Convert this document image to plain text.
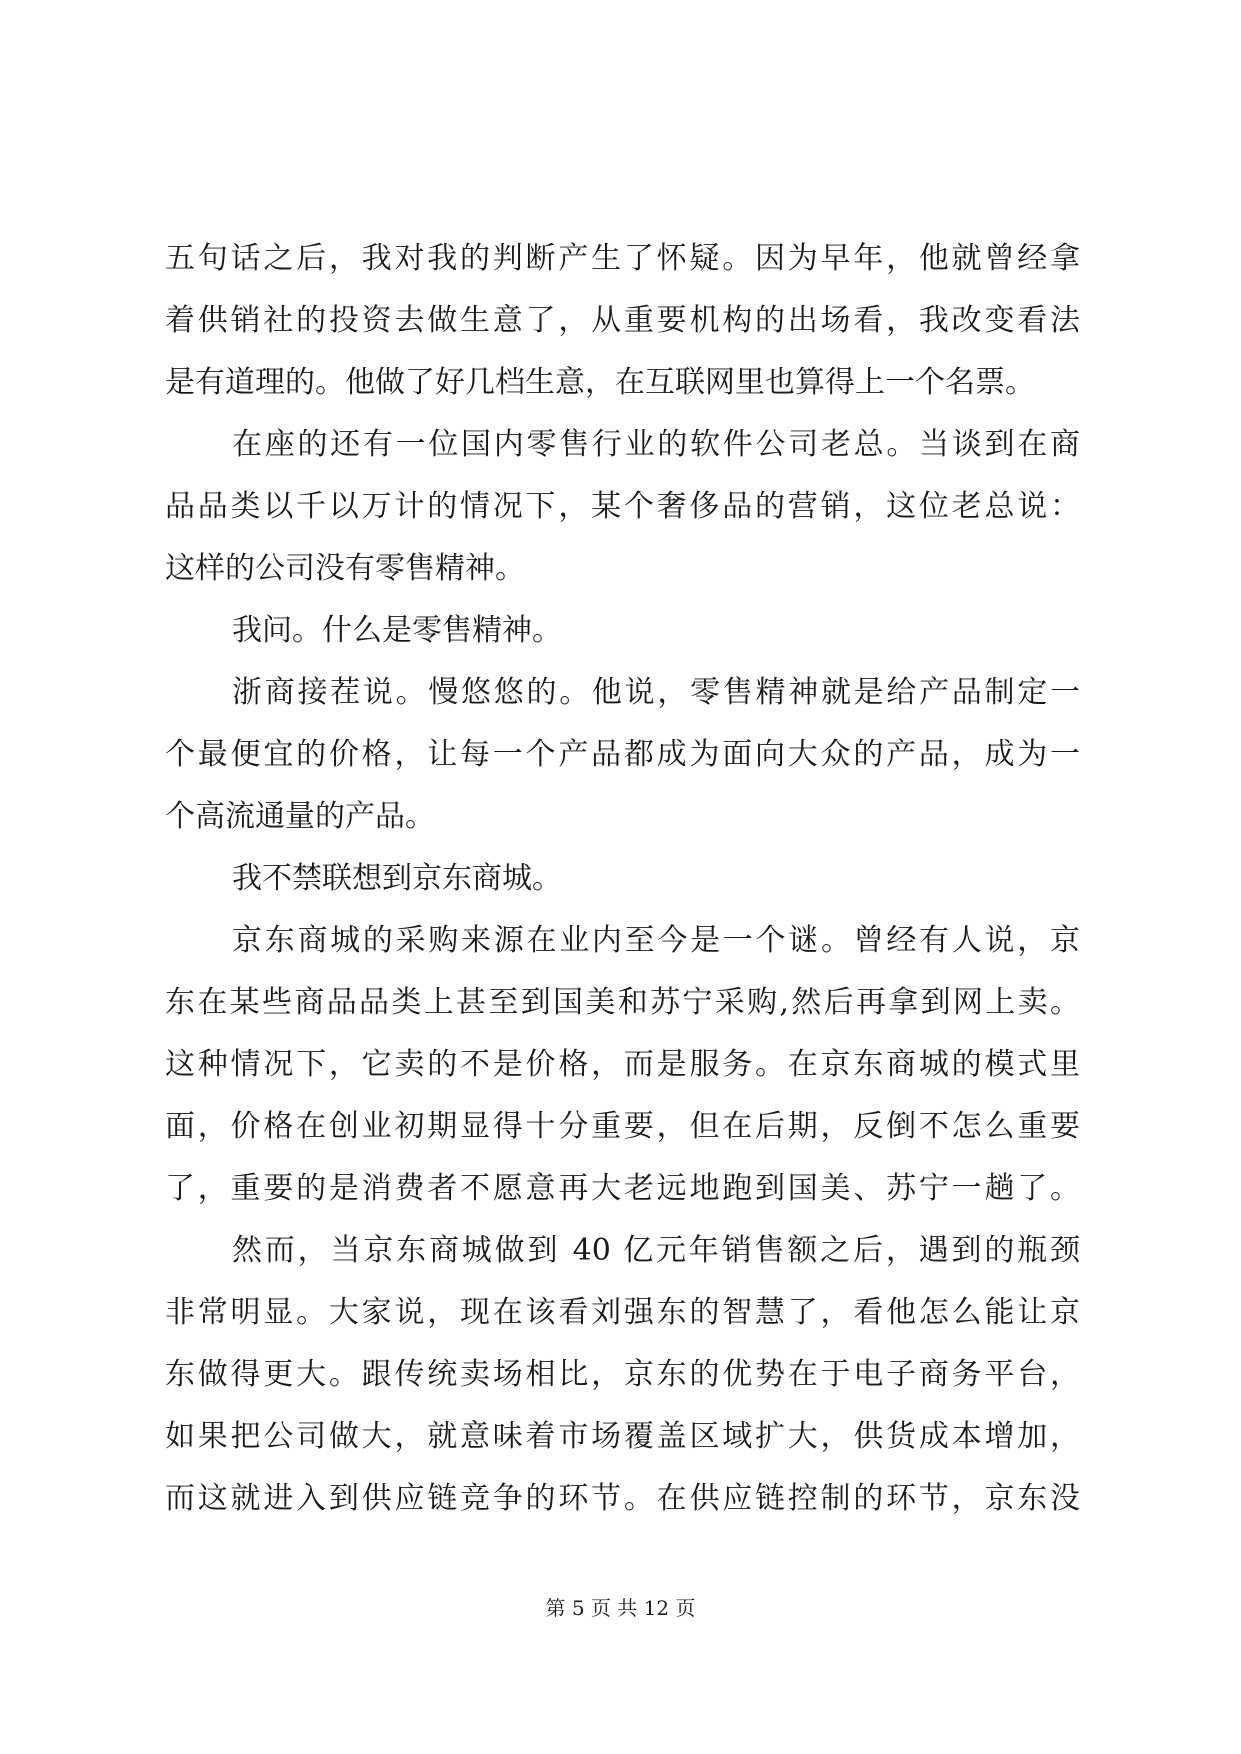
五句话之后，我对我的判断产生了怀疑。因为早年，他就曾经拿
着供销社的投资去做生意了，从重要机构的出场看，我改变看法
是有道理的。他做了好几档生意，在互联网里也算得上一个名票。
在座的还有一位国内零售行业的软件公司老总。当谈到在商
品品类以千以万计的情况下，某个奢侈品的营销，这位老总说：
这样的公司没有零售精神。
我问。什么是零售精神。
浙商接茬说。慢悠悠的。他说，零售精神就是给产品制定一
个最便宜的价格，让每一个产品都成为面向大众的产品，成为一
个高流通量的产品。
我不禁联想到京东商城。
京东商城的采购来源在业内至今是一个谜。曾经有人说，京
东在某些商品品类上甚至到国美和苏宁采购,然后再拿到网上卖。
这种情况下，它卖的不是价格，而是服务。在京东商城的模式里
面，价格在创业初期显得十分重要，但在后期，反倒不怎么重要
了，重要的是消费者不愿意再大老远地跑到国美、苏宁一趟了。
然而，当京东商城做到 40 亿元年销售额之后，遇到的瓶颈
非常明显。大家说，现在该看刘强东的智慧了，看他怎么能让京
东做得更大。跟传统卖场相比，京东的优势在于电子商务平台，
如果把公司做大，就意味着市场覆盖区域扩大，供货成本增加，
而这就进入到供应链竞争的环节。在供应链控制的环节，京东没
第 5 页 共 12 页
